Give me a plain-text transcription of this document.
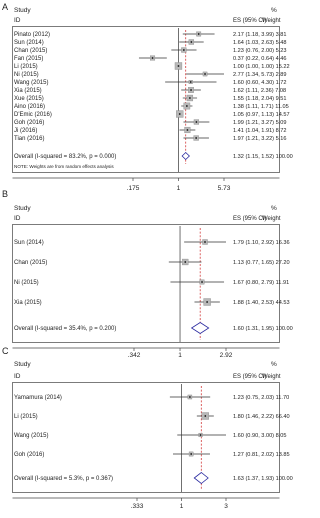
A Study
ID	ES (95% CI)
%
Weight
Pinato (2012)	2.17 (1.18, 3.99) 3.81
Sun (2014)	1.64 (1.03, 2.63) 5.48
Chan (2015)	1.23 (0.76, 2.00) 5.23
Fan (2015)	0.37 (0.22, 0.64) 4.46
Li (2015)	1.00 (1.00, 1.00) 15.22
Ni (2015)	2.77 (1.34, 5.73) 2.89
Wang (2015)	1.60 (0.60, 4.30) 1.72
Xia (2015)	1.62 (1.11, 2.36) 7.08
Xue (2015)	1.55 (1.18, 2.04) 9.51
Aino (2016)	1.38 (1.11, 1.71) 11.05
D'Emic (2016)	1.05 (0.97, 1.13) 14.57
Goh (2016)	1.99 (1.21, 3.27) 5.09
Ji (2016)	1.41 (1.04, 1.91) 8.72
Tian (2016)	1.97 (1.21, 3.22) 5.16
Overall (I-squared = 83.2%, p = 0.000)	1.32 (1.15, 1.52) 100.00
NOTE: Weights are from random effects analysis
.175	1	5.73
B
Study
ID	ES (95% CI)
%
Weight
Sun (2014)	1.79 (1.10, 2.92) 16.36
Chan (2015)	1.13 (0.77, 1.65) 27.20
Ni (2015)	1.67 (0.80, 2.79) 11.91
Xia (2015)	1.88 (1.40, 2.53) 44.53
Overall (I-squared = 35.4%, p = 0.200)	1.60 (1.31, 1.95) 100.00
.342	1	2.92
C
Study
ID	ES (95% CI)
%
Weight
Yamamura (2014)	1.23 (0.75, 2.03) 11.70
Li (2015)	1.80 (1.46, 2.22) 66.40
Wang (2015)	1.60 (0.90, 3.00) 8.05
Goh (2016)	1.27 (0.81, 2.02) 13.85
Overall (I-squared = 5.3%, p = 0.367)	1.63 (1.37, 1.93) 100.00
.333	1	3
